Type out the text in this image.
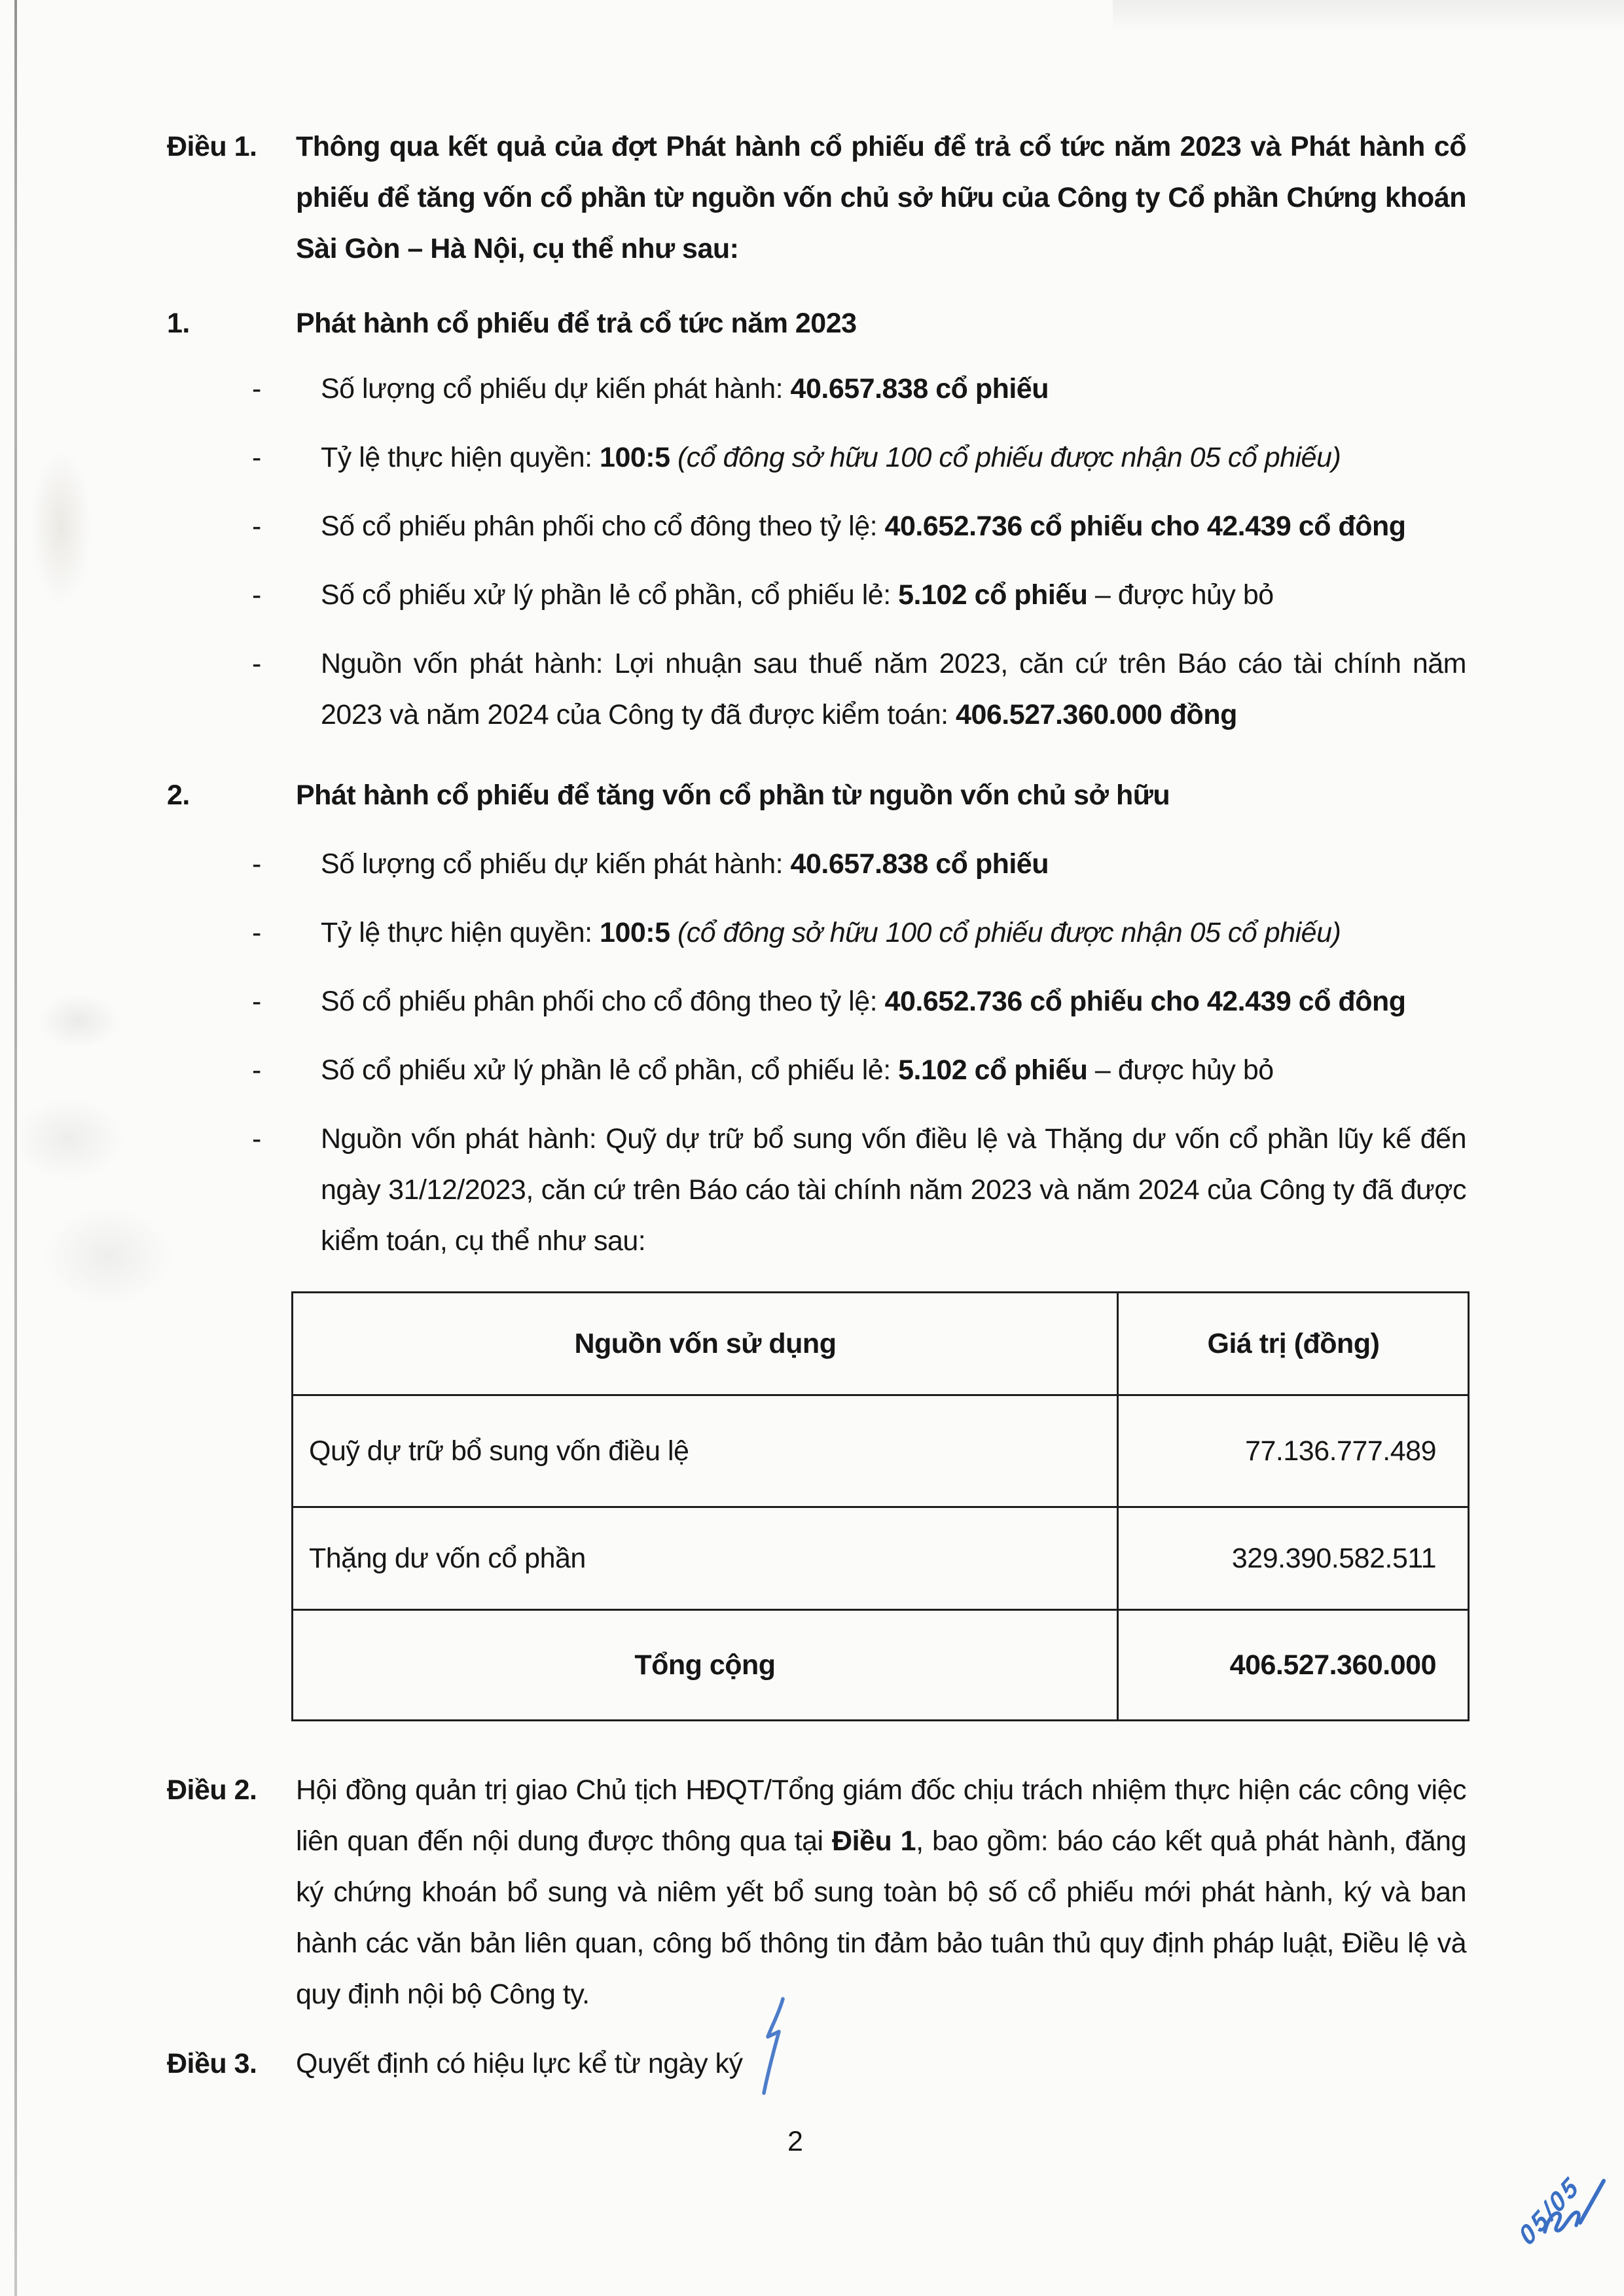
Điều 1.	Thông qua kết quả của đợt Phát hành cổ phiếu để trả cổ tức năm 2023 và Phát hành cổ phiếu để tăng vốn cổ phần từ nguồn vốn chủ sở hữu của Công ty Cổ phần Chứng khoán Sài Gòn – Hà Nội, cụ thể như sau:
1.	Phát hành cổ phiếu để trả cổ tức năm 2023
-	Số lượng cổ phiếu dự kiến phát hành: 40.657.838 cổ phiếu
-	Tỷ lệ thực hiện quyền: 100:5 (cổ đông sở hữu 100 cổ phiếu được nhận 05 cổ phiếu)
-	Số cổ phiếu phân phối cho cổ đông theo tỷ lệ: 40.652.736 cổ phiếu cho 42.439 cổ đông
-	Số cổ phiếu xử lý phần lẻ cổ phần, cổ phiếu lẻ: 5.102 cổ phiếu – được hủy bỏ
-	Nguồn vốn phát hành: Lợi nhuận sau thuế năm 2023, căn cứ trên Báo cáo tài chính năm 2023 và năm 2024 của Công ty đã được kiểm toán: 406.527.360.000 đồng
2.	Phát hành cổ phiếu để tăng vốn cổ phần từ nguồn vốn chủ sở hữu
-	Số lượng cổ phiếu dự kiến phát hành: 40.657.838 cổ phiếu
-	Tỷ lệ thực hiện quyền: 100:5 (cổ đông sở hữu 100 cổ phiếu được nhận 05 cổ phiếu)
-	Số cổ phiếu phân phối cho cổ đông theo tỷ lệ: 40.652.736 cổ phiếu cho 42.439 cổ đông
-	Số cổ phiếu xử lý phần lẻ cổ phần, cổ phiếu lẻ: 5.102 cổ phiếu – được hủy bỏ
-	Nguồn vốn phát hành: Quỹ dự trữ bổ sung vốn điều lệ và Thặng dư vốn cổ phần lũy kế đến ngày 31/12/2023, căn cứ trên Báo cáo tài chính năm 2023 và năm 2024 của Công ty đã được kiểm toán, cụ thể như sau:
Nguồn vốn sử dụng	Giá trị (đồng)
Quỹ dự trữ bổ sung vốn điều lệ	77.136.777.489
Thặng dư vốn cổ phần	329.390.582.511
Tổng cộng	406.527.360.000
Điều 2.	Hội đồng quản trị giao Chủ tịch HĐQT/Tổng giám đốc chịu trách nhiệm thực hiện các công việc liên quan đến nội dung được thông qua tại Điều 1, bao gồm: báo cáo kết quả phát hành, đăng ký chứng khoán bổ sung và niêm yết bổ sung toàn bộ số cổ phiếu mới phát hành, ký và ban hành các văn bản liên quan, công bố thông tin đảm bảo tuân thủ quy định pháp luật, Điều lệ và quy định nội bộ Công ty.
Điều 3.	Quyết định có hiệu lực kể từ ngày ký
2
05/05
